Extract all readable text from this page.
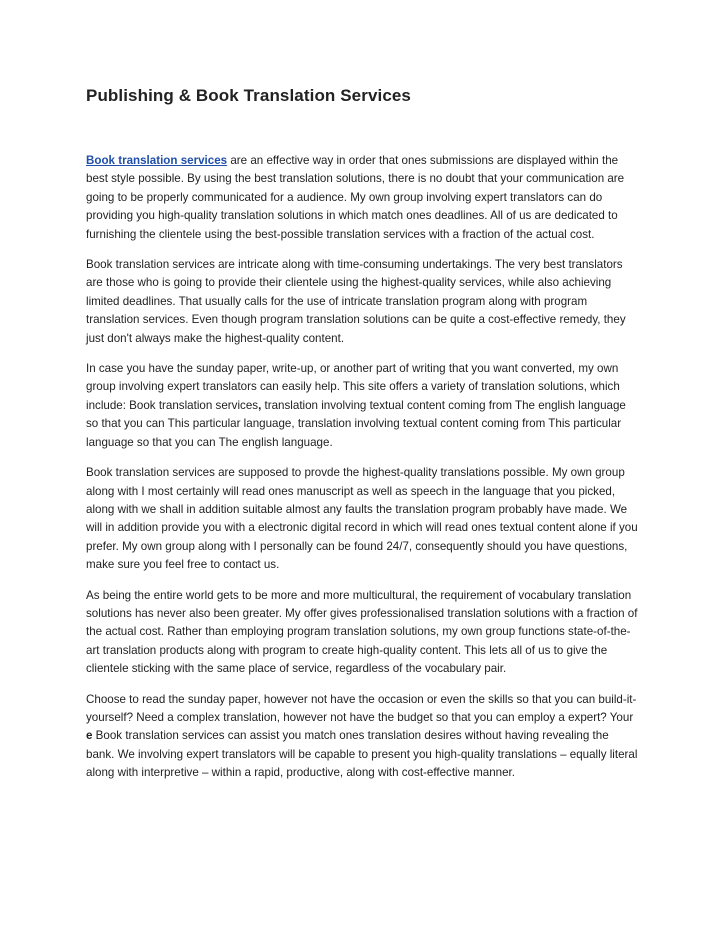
Publishing & Book Translation Services

Book translation services are an effective way in order that ones submissions are displayed within the best style possible. By using the best translation solutions, there is no doubt that your communication are going to be properly communicated for a audience. My own group involving expert translators can do providing you high-quality translation solutions in which match ones deadlines. All of us are dedicated to furnishing the clientele using the best-possible translation services with a fraction of the actual cost.

Book translation services are intricate along with time-consuming undertakings. The very best translators are those who is going to provide their clientele using the highest-quality services, while also achieving limited deadlines. That usually calls for the use of intricate translation program along with program translation services. Even though program translation solutions can be quite a cost-effective remedy, they just don't always make the highest-quality content.

In case you have the sunday paper, write-up, or another part of writing that you want converted, my own group involving expert translators can easily help. This site offers a variety of translation solutions, which include: Book translation services, translation involving textual content coming from The english language so that you can This particular language, translation involving textual content coming from This particular language so that you can The english language.

Book translation services are supposed to provde the highest-quality translations possible. My own group along with I most certainly will read ones manuscript as well as speech in the language that you picked, along with we shall in addition suitable almost any faults the translation program probably have made. We will in addition provide you with a electronic digital record in which will read ones textual content alone if you prefer. My own group along with I personally can be found 24/7, consequently should you have questions, make sure you feel free to contact us.

As being the entire world gets to be more and more multicultural, the requirement of vocabulary translation solutions has never also been greater. My offer gives professionalised translation solutions with a fraction of the actual cost. Rather than employing program translation solutions, my own group functions state-of-the-art translation products along with program to create high-quality content. This lets all of us to give the clientele sticking with the same place of service, regardless of the vocabulary pair.

Choose to read the sunday paper, however not have the occasion or even the skills so that you can build-it-yourself? Need a complex translation, however not have the budget so that you can employ a expert? Your e Book translation services can assist you match ones translation desires without having revealing the bank. We involving expert translators will be capable to present you high-quality translations – equally literal along with interpretive – within a rapid, productive, along with cost-effective manner.
